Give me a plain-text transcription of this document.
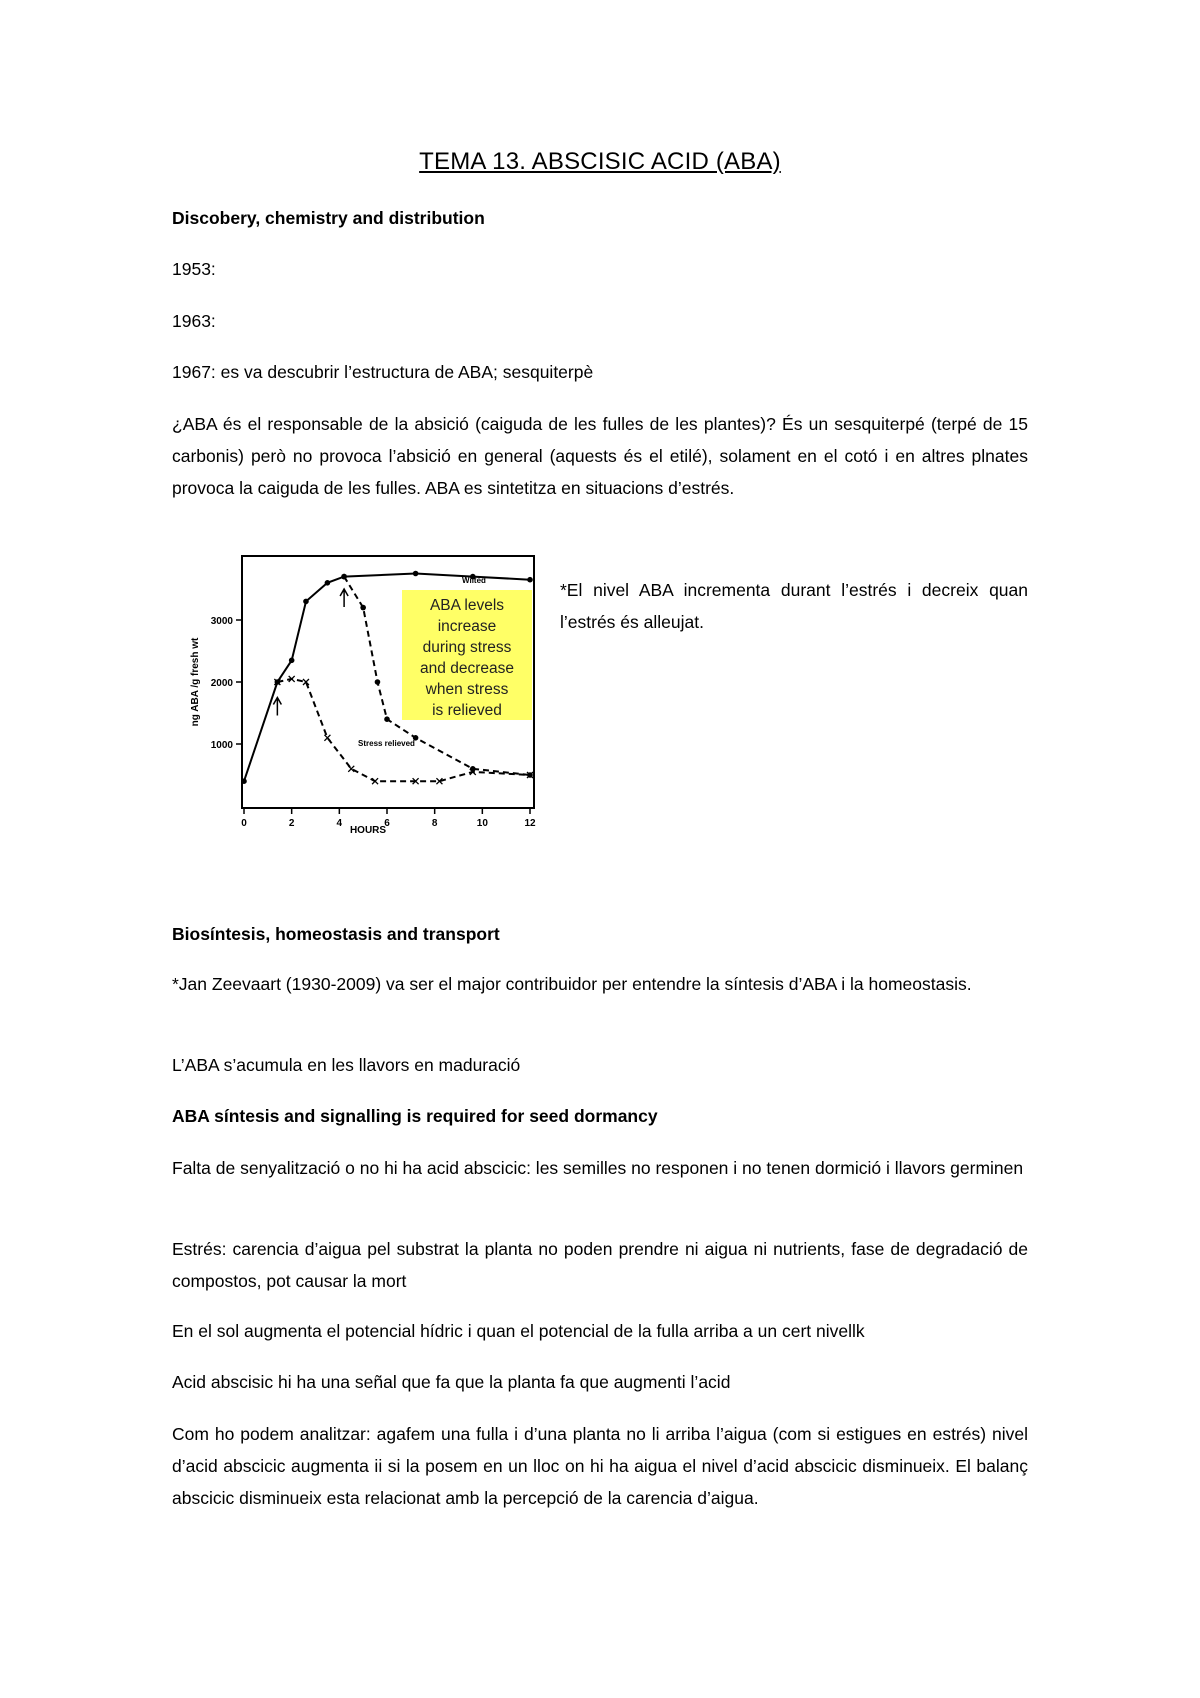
TEMA 13. ABSCISIC ACID (ABA)

Discobery, chemistry and distribution

1953:

1963:

1967: es va descubrir l’estructura de ABA; sesquiterpè

¿ABA és el responsable de la absició (caiguda de les fulles de les plantes)? És un sesquiterpé (terpé de 15 carbonis) però no provoca l’absició en general (aquests és el etilé), solament en el cotó i en altres plnates provoca la caiguda de les fulles. ABA es sintetitza en situacions d’estrés.

0	2	4	6	8	10	12
1000
2000
3000
ABA levels
increase
during stress
and decrease
when stress
is relieved
Wilted
Stress relieved
HOURS
ng ABA /g fresh wt
*El nivel ABA incrementa durant l’estrés i decreix quan l’estrés és alleujat.

Biosíntesis, homeostasis and transport

*Jan Zeevaart (1930-2009) va ser el major contribuidor per entendre la síntesis d’ABA i la homeostasis.

L’ABA s’acumula en les llavors en maduració

ABA síntesis and signalling is required for seed dormancy

Falta de senyalització o no hi ha acid abscicic: les semilles no responen i no tenen dormició i llavors germinen

Estrés: carencia d’aigua pel substrat la planta no poden prendre ni aigua ni nutrients, fase de degradació de compostos, pot causar la mort

En el sol augmenta el potencial hídric i quan el potencial de la fulla arriba a un cert nivellk

Acid abscisic hi ha una señal que fa que la planta fa que augmenti l’acid

Com ho podem analitzar: agafem una fulla i d’una planta no li arriba l’aigua (com si estigues en estrés) nivel d’acid abscicic augmenta ii si la posem en un lloc on hi ha aigua el nivel d’acid abscicic disminueix. El balanç abscicic disminueix esta relacionat amb la percepció de la carencia d’aigua.
